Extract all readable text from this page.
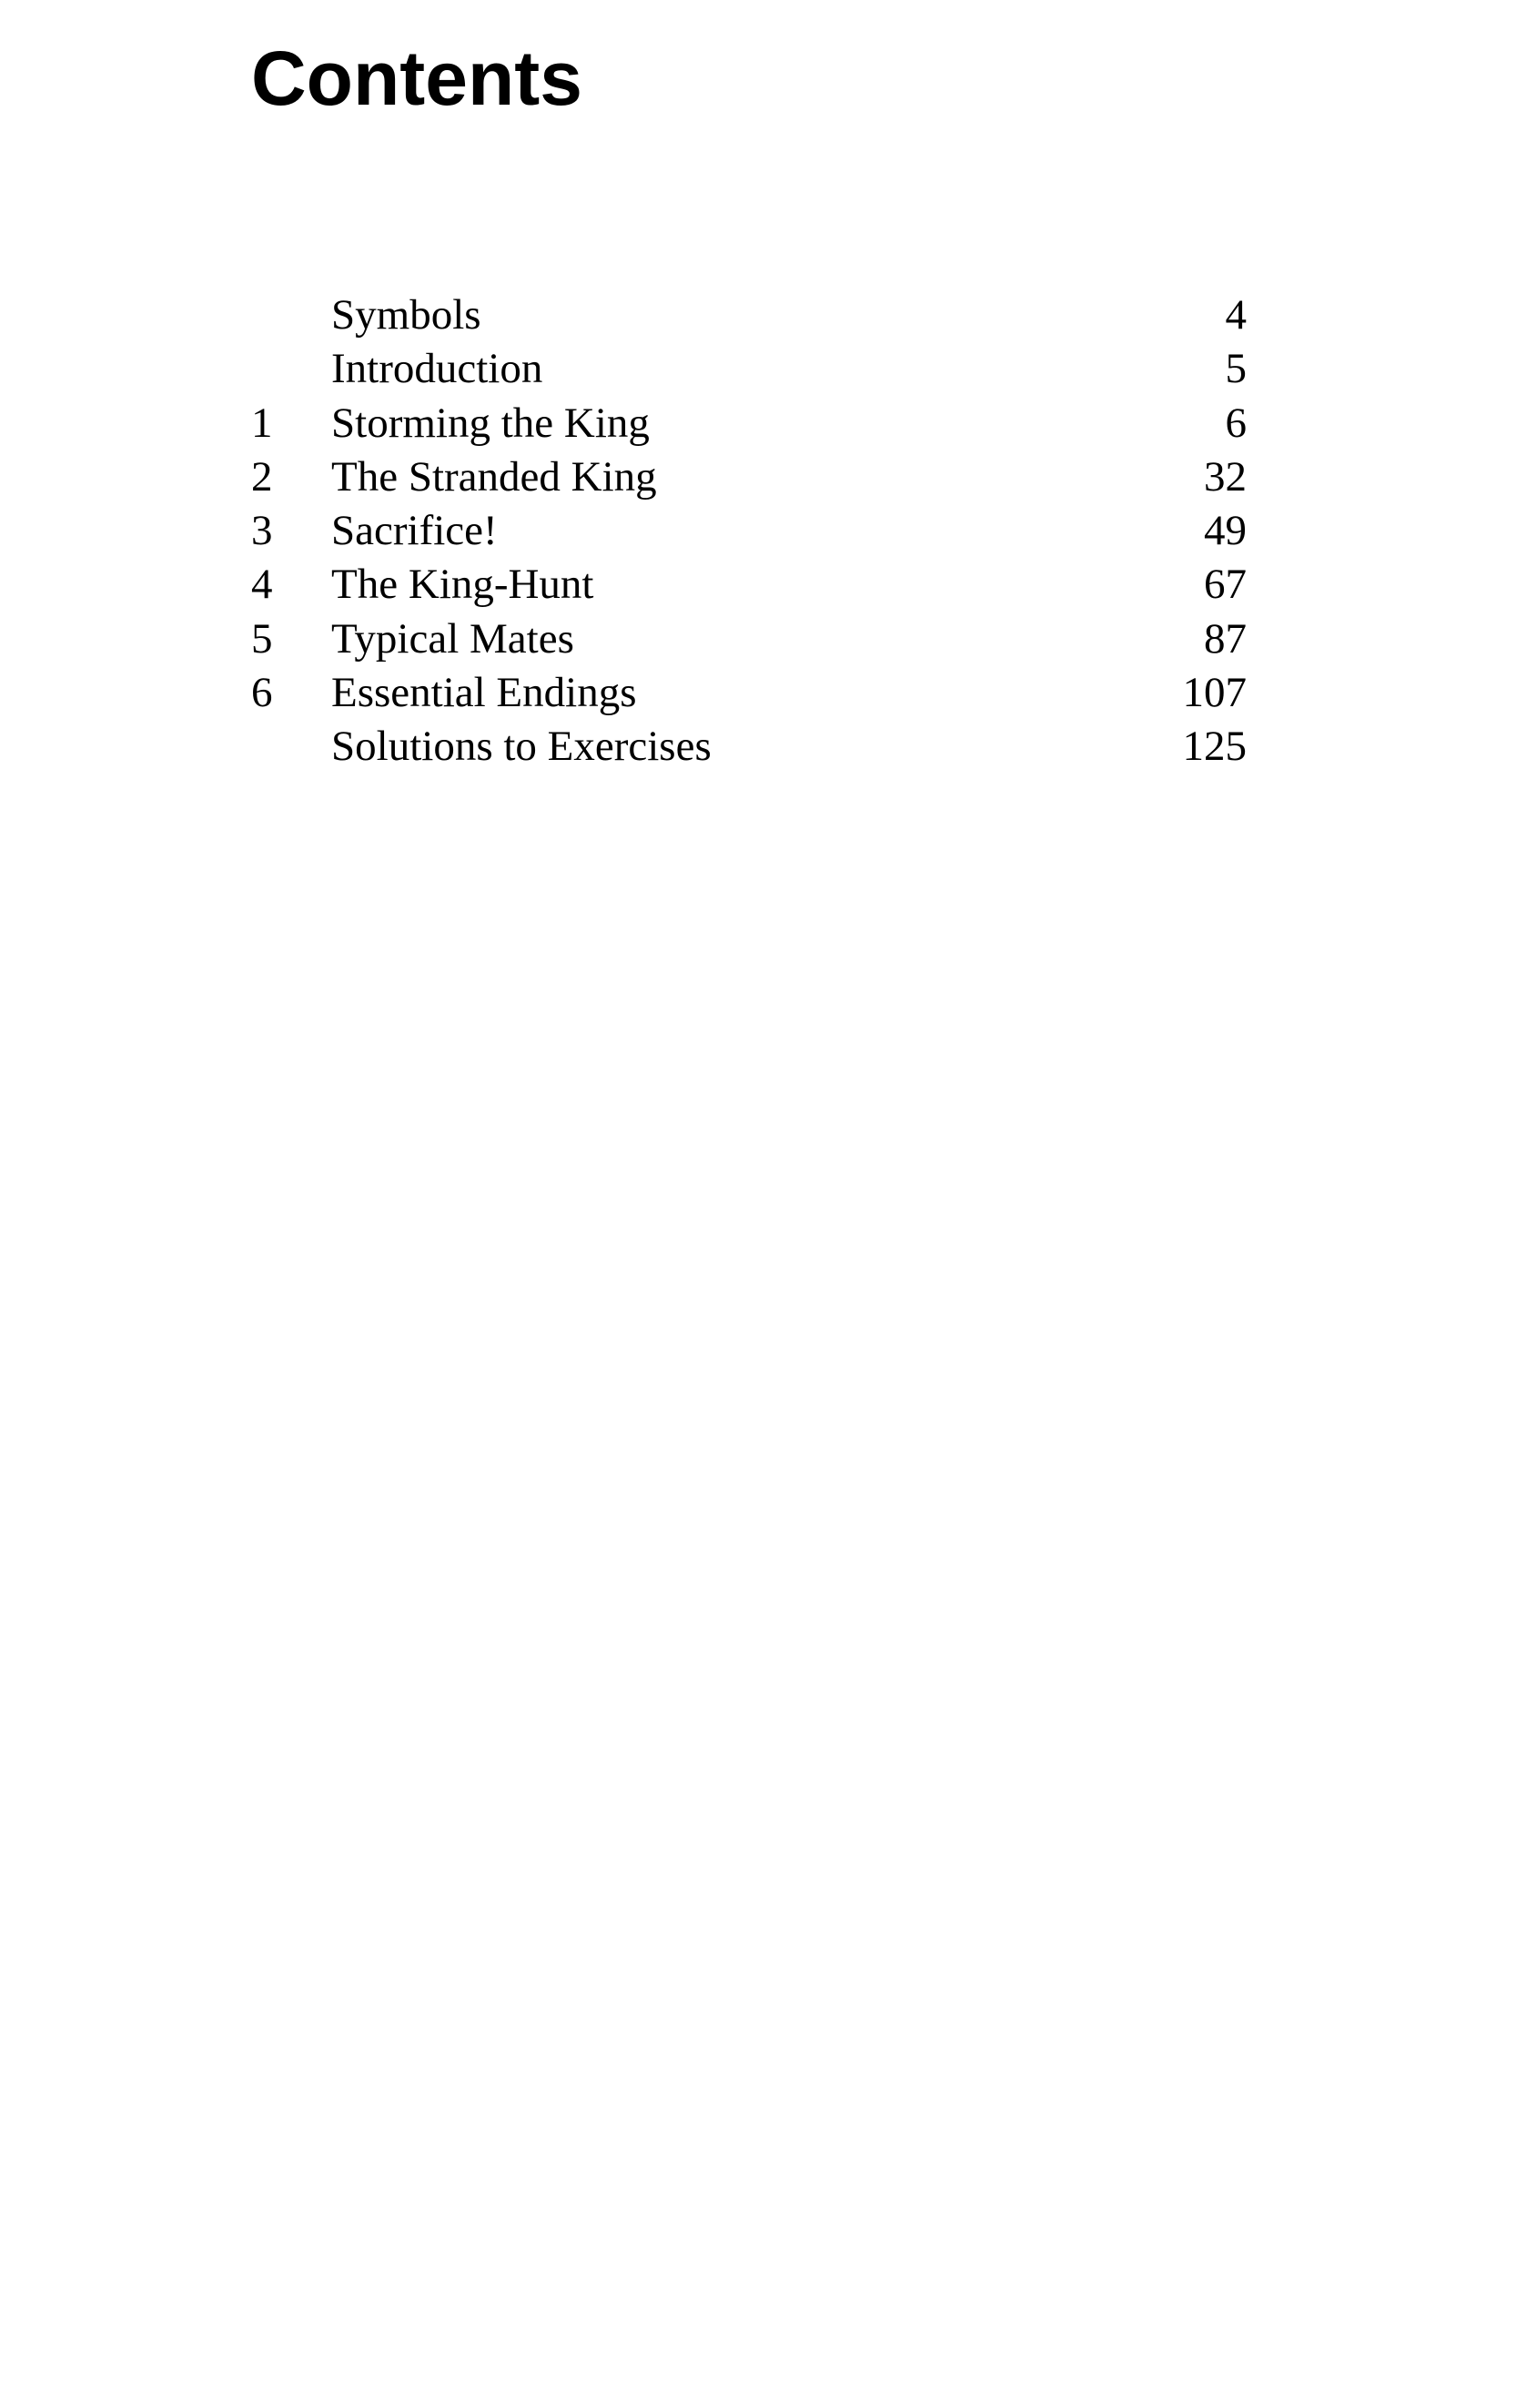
Contents
Symbols	4
Introduction	5
1	Storming the King	6
2	The Stranded King	32
3	Sacrifice!	49
4	The King-Hunt	67
5	Typical Mates	87
6	Essential Endings	107
Solutions to Exercises	125
